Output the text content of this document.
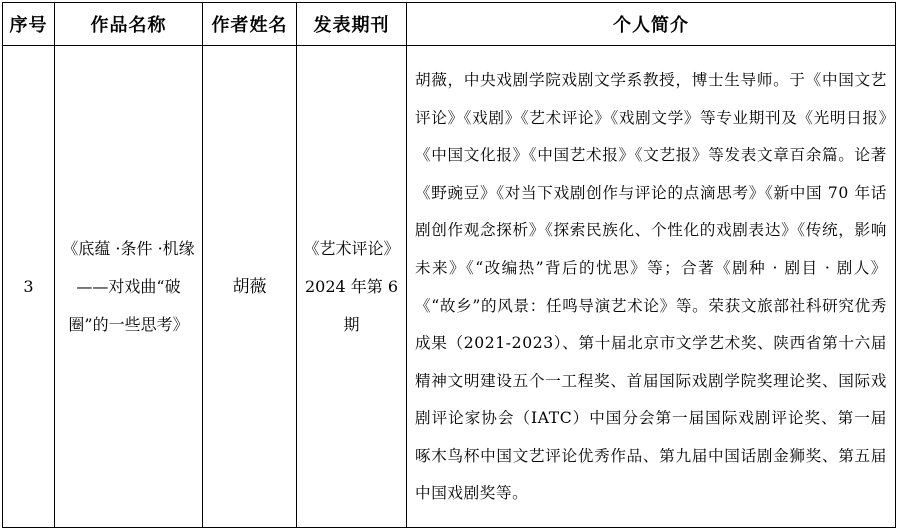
序号	作品名称	作者姓名	发表期刊	个人简介
3	《底蕴 ·条件 ·机缘——对戏曲“破圈”的一些思考》	胡薇	《艺术评论》2024 年第 6 期	胡薇，中央戏剧学院戏剧文学系教授，博士生导师。于《中国文艺评论》《戏剧》《艺术评论》《戏剧文学》等专业期刊及《光明日报》《中国文化报》《中国艺术报》《文艺报》等发表文章百余篇。论著《野豌豆》《对当下戏剧创作与评论的点滴思考》《新中国 70 年话剧创作观念探析》《探索民族化、个性化的戏剧表达》《传统，影响未来》《“改编热”背后的忧思》等；合著《剧种 · 剧目 · 剧人》《“故乡”的风景：任鸣导演艺术论》等。荣获文旅部社科研究优秀成果（2021-2023）、第十届北京市文学艺术奖、陕西省第十六届精神文明建设五个一工程奖、首届国际戏剧学院奖理论奖、国际戏剧评论家协会（IATC）中国分会第一届国际戏剧评论奖、第一届啄木鸟杯中国文艺评论优秀作品、第九届中国话剧金狮奖、第五届中国戏剧奖等。
